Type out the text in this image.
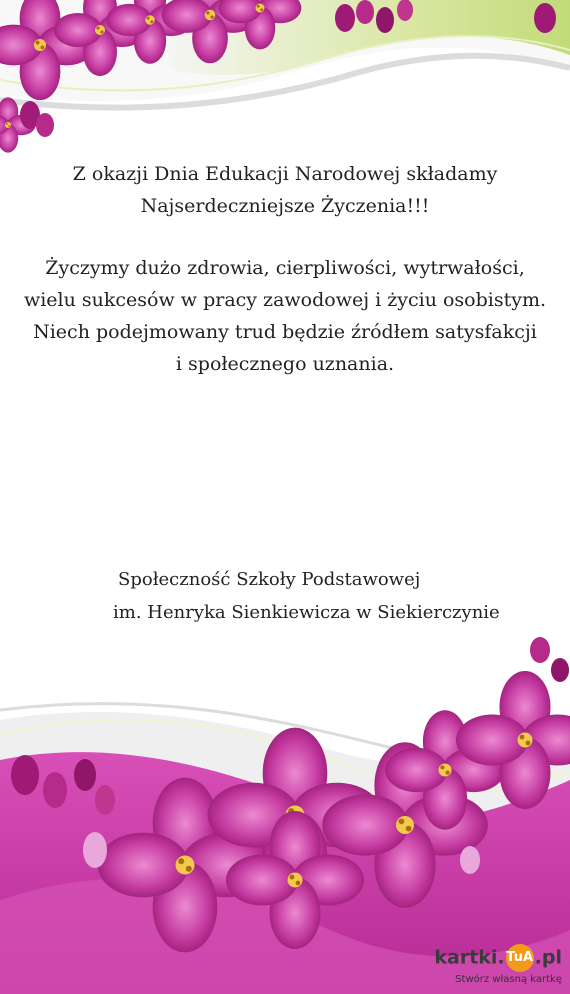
Z okazji Dnia Edukacji Narodowej składamy

Najserdeczniejsze Życzenia!!!

Życzymy dużo zdrowia, cierpliwości, wytrwałości,

wielu sukcesów w pracy zawodowej i życiu osobistym.

Niech podejmowany trud będzie źródłem satysfakcji

i społecznego uznania.

Społeczność Szkoły Podstawowej
im. Henryka Sienkiewicza w Siekierczynie
kartki. TuA.pl
Stwórz własną kartkę
